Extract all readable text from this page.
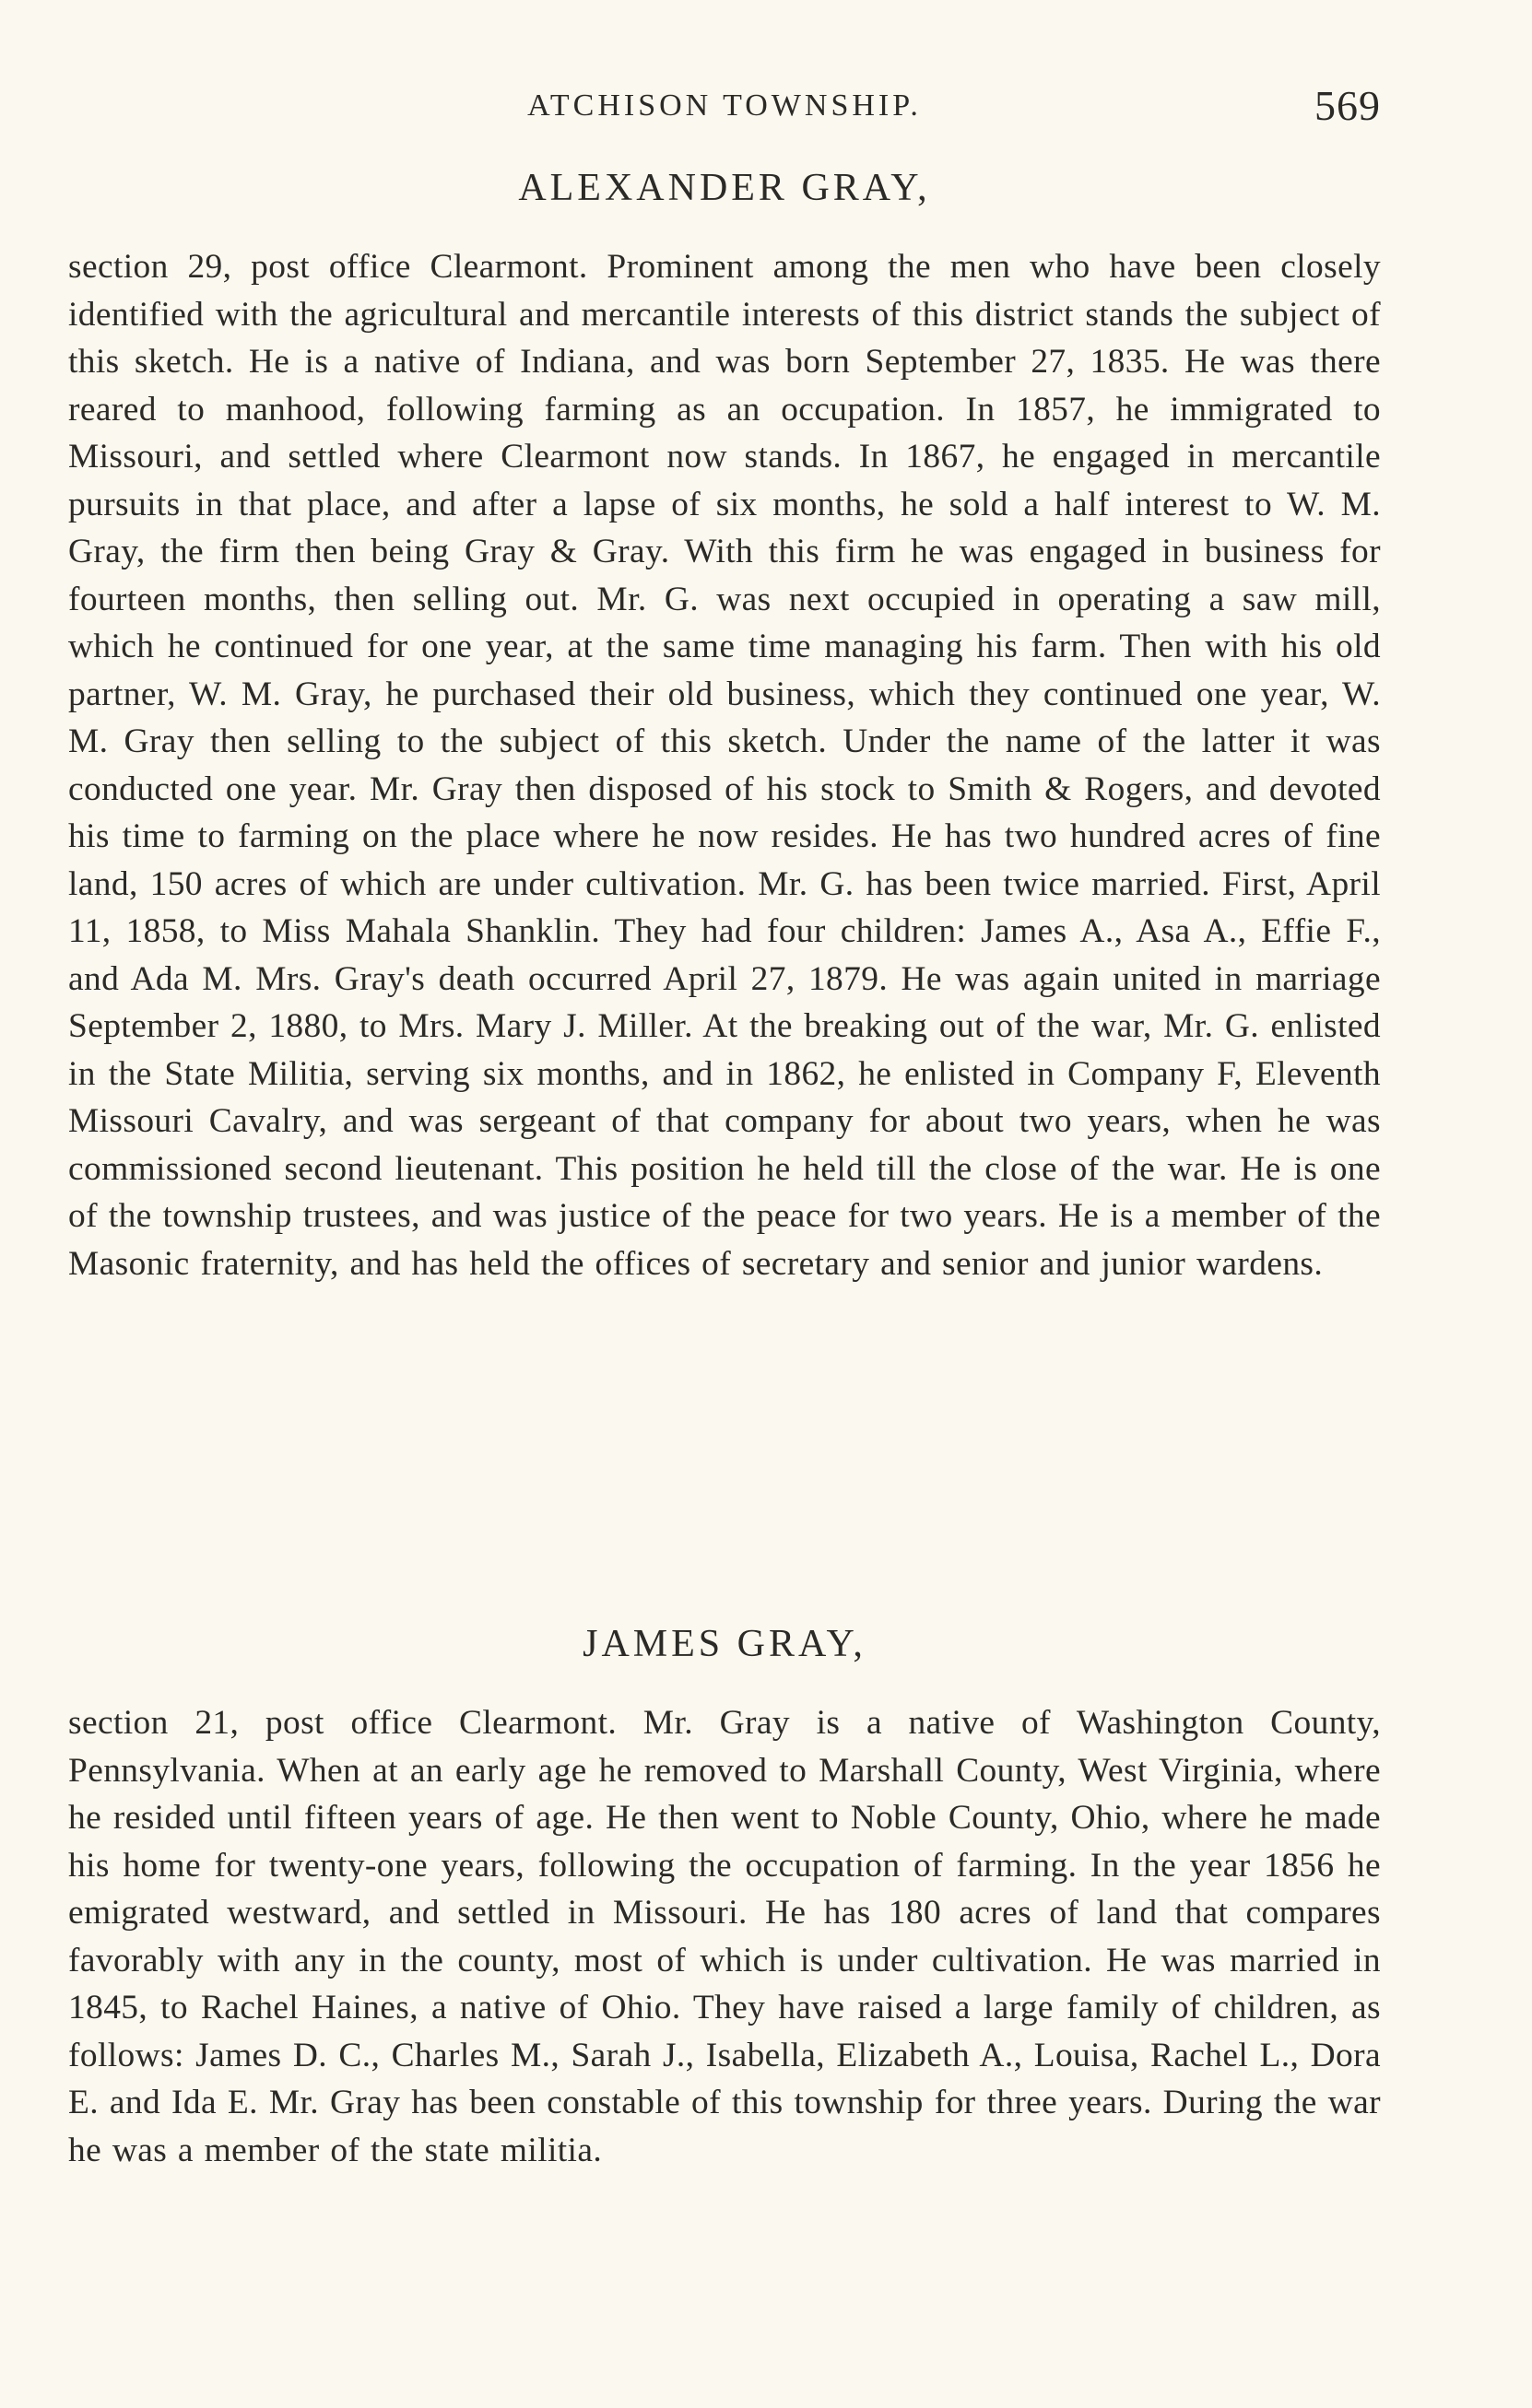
ATCHISON TOWNSHIP.	569
ALEXANDER GRAY,

section 29, post office Clearmont. Prominent among the men who have been closely identified with the agricultural and mercantile interests of this district stands the subject of this sketch. He is a native of Indiana, and was born September 27, 1835. He was there reared to manhood, following farming as an occupation. In 1857, he immigrated to Missouri, and settled where Clearmont now stands. In 1867, he engaged in mercantile pursuits in that place, and after a lapse of six months, he sold a half interest to W. M. Gray, the firm then being Gray & Gray. With this firm he was engaged in business for fourteen months, then selling out. Mr. G. was next occupied in operating a saw mill, which he continued for one year, at the same time managing his farm. Then with his old partner, W. M. Gray, he purchased their old business, which they continued one year, W. M. Gray then selling to the subject of this sketch. Under the name of the latter it was conducted one year. Mr. Gray then disposed of his stock to Smith & Rogers, and devoted his time to farming on the place where he now resides. He has two hundred acres of fine land, 150 acres of which are under cultivation. Mr. G. has been twice married. First, April 11, 1858, to Miss Mahala Shanklin. They had four children: James A., Asa A., Effie F., and Ada M. Mrs. Gray's death occurred April 27, 1879. He was again united in marriage September 2, 1880, to Mrs. Mary J. Miller. At the breaking out of the war, Mr. G. enlisted in the State Militia, serving six months, and in 1862, he enlisted in Company F, Eleventh Missouri Cavalry, and was sergeant of that company for about two years, when he was commissioned second lieutenant. This position he held till the close of the war. He is one of the township trustees, and was justice of the peace for two years. He is a member of the Masonic fraternity, and has held the offices of secretary and senior and junior wardens.

JAMES GRAY,

section 21, post office Clearmont. Mr. Gray is a native of Washington County, Pennsylvania. When at an early age he removed to Marshall County, West Virginia, where he resided until fifteen years of age. He then went to Noble County, Ohio, where he made his home for twenty-one years, following the occupation of farming. In the year 1856 he emigrated westward, and settled in Missouri. He has 180 acres of land that compares favorably with any in the county, most of which is under cultivation. He was married in 1845, to Rachel Haines, a native of Ohio. They have raised a large family of children, as follows: James D. C., Charles M., Sarah J., Isabella, Elizabeth A., Louisa, Rachel L., Dora E. and Ida E. Mr. Gray has been constable of this township for three years. During the war he was a member of the state militia.
